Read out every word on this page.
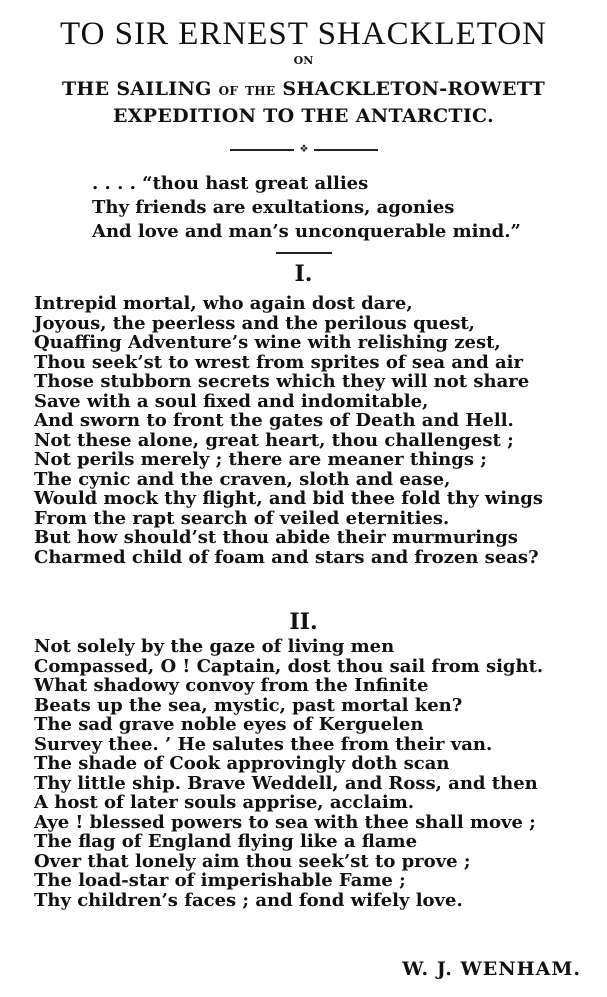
TO SIR ERNEST SHACKLETON
ON
THE SAILING OF THE SHACKLETON-ROWETT
EXPEDITION TO THE ANTARCTIC.
❖
. . . . “thou hast great allies
Thy friends are exultations, agonies
And love and man’s unconquerable mind.”
I.
Intrepid mortal, who again dost dare,
Joyous, the peerless and the perilous quest,
Quaffing Adventure’s wine with relishing zest,
Thou seek’st to wrest from sprites of sea and air
Those stubborn secrets which they will not share
Save with a soul fixed and indomitable,
And sworn to front the gates of Death and Hell.
Not these alone, great heart, thou challengest ;
Not perils merely ; there are meaner things ;
The cynic and the craven, sloth and ease,
Would mock thy flight, and bid thee fold thy wings
From the rapt search of veiled eternities.
But how should’st thou abide their murmurings
Charmed child of foam and stars and frozen seas?
II.
Not solely by the gaze of living men
Compassed, O ! Captain, dost thou sail from sight.
What shadowy convoy from the Infinite
Beats up the sea, mystic, past mortal ken?
The sad grave noble eyes of Kerguelen
Survey thee. ’ He salutes thee from their van.
The shade of Cook approvingly doth scan
Thy little ship. Brave Weddell, and Ross, and then
A host of later souls apprise, acclaim.
Aye ! blessed powers to sea with thee shall move ;
The flag of England flying like a flame
Over that lonely aim thou seek’st to prove ;
The load-star of imperishable Fame ;
Thy children’s faces ; and fond wifely love.
W. J. WENHAM.
